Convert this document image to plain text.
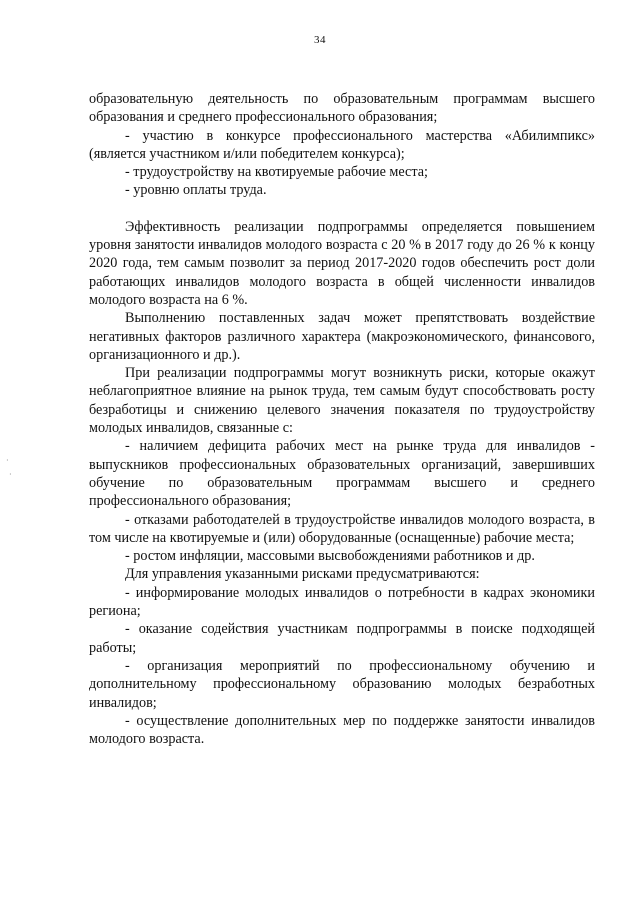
34

образовательную деятельность по образовательным программам высшего образования и среднего профессионального образования;

- участию в конкурсе профессионального мастерства «Абилимпикс» (является участником и/или победителем конкурса);

- трудоустройству на квотируемые рабочие места;

- уровню оплаты труда.

Эффективность реализации подпрограммы определяется повышением уровня занятости инвалидов молодого возраста с 20 % в 2017 году до 26 % к концу 2020 года, тем самым позволит за период 2017-2020 годов обеспечить рост доли работающих инвалидов молодого возраста в общей численности инвалидов молодого возраста на 6 %.

Выполнению поставленных задач может препятствовать воздействие негативных факторов различного характера (макроэкономического, финансового, организационного и др.).

При реализации подпрограммы могут возникнуть риски, которые окажут неблагоприятное влияние на рынок труда, тем самым будут способствовать росту безработицы и снижению целевого значения показателя по трудоустройству молодых инвалидов, связанные с:

- наличием дефицита рабочих мест на рынке труда для инвалидов - выпускников профессиональных образовательных организаций, завершивших обучение по образовательным программам высшего и среднего профессионального образования;

- отказами работодателей в трудоустройстве инвалидов молодого возраста, в том числе на квотируемые и (или) оборудованные (оснащенные) рабочие места;

- ростом инфляции, массовыми высвобождениями работников и др.

Для управления указанными рисками предусматриваются:

- информирование молодых инвалидов о потребности в кадрах экономики региона;

- оказание содействия участникам подпрограммы в поиске подходящей работы;

- организация мероприятий по профессиональному обучению и дополнительному профессиональному образованию молодых безработных инвалидов;

- осуществление дополнительных мер по поддержке занятости инвалидов молодого возраста.

·
·
